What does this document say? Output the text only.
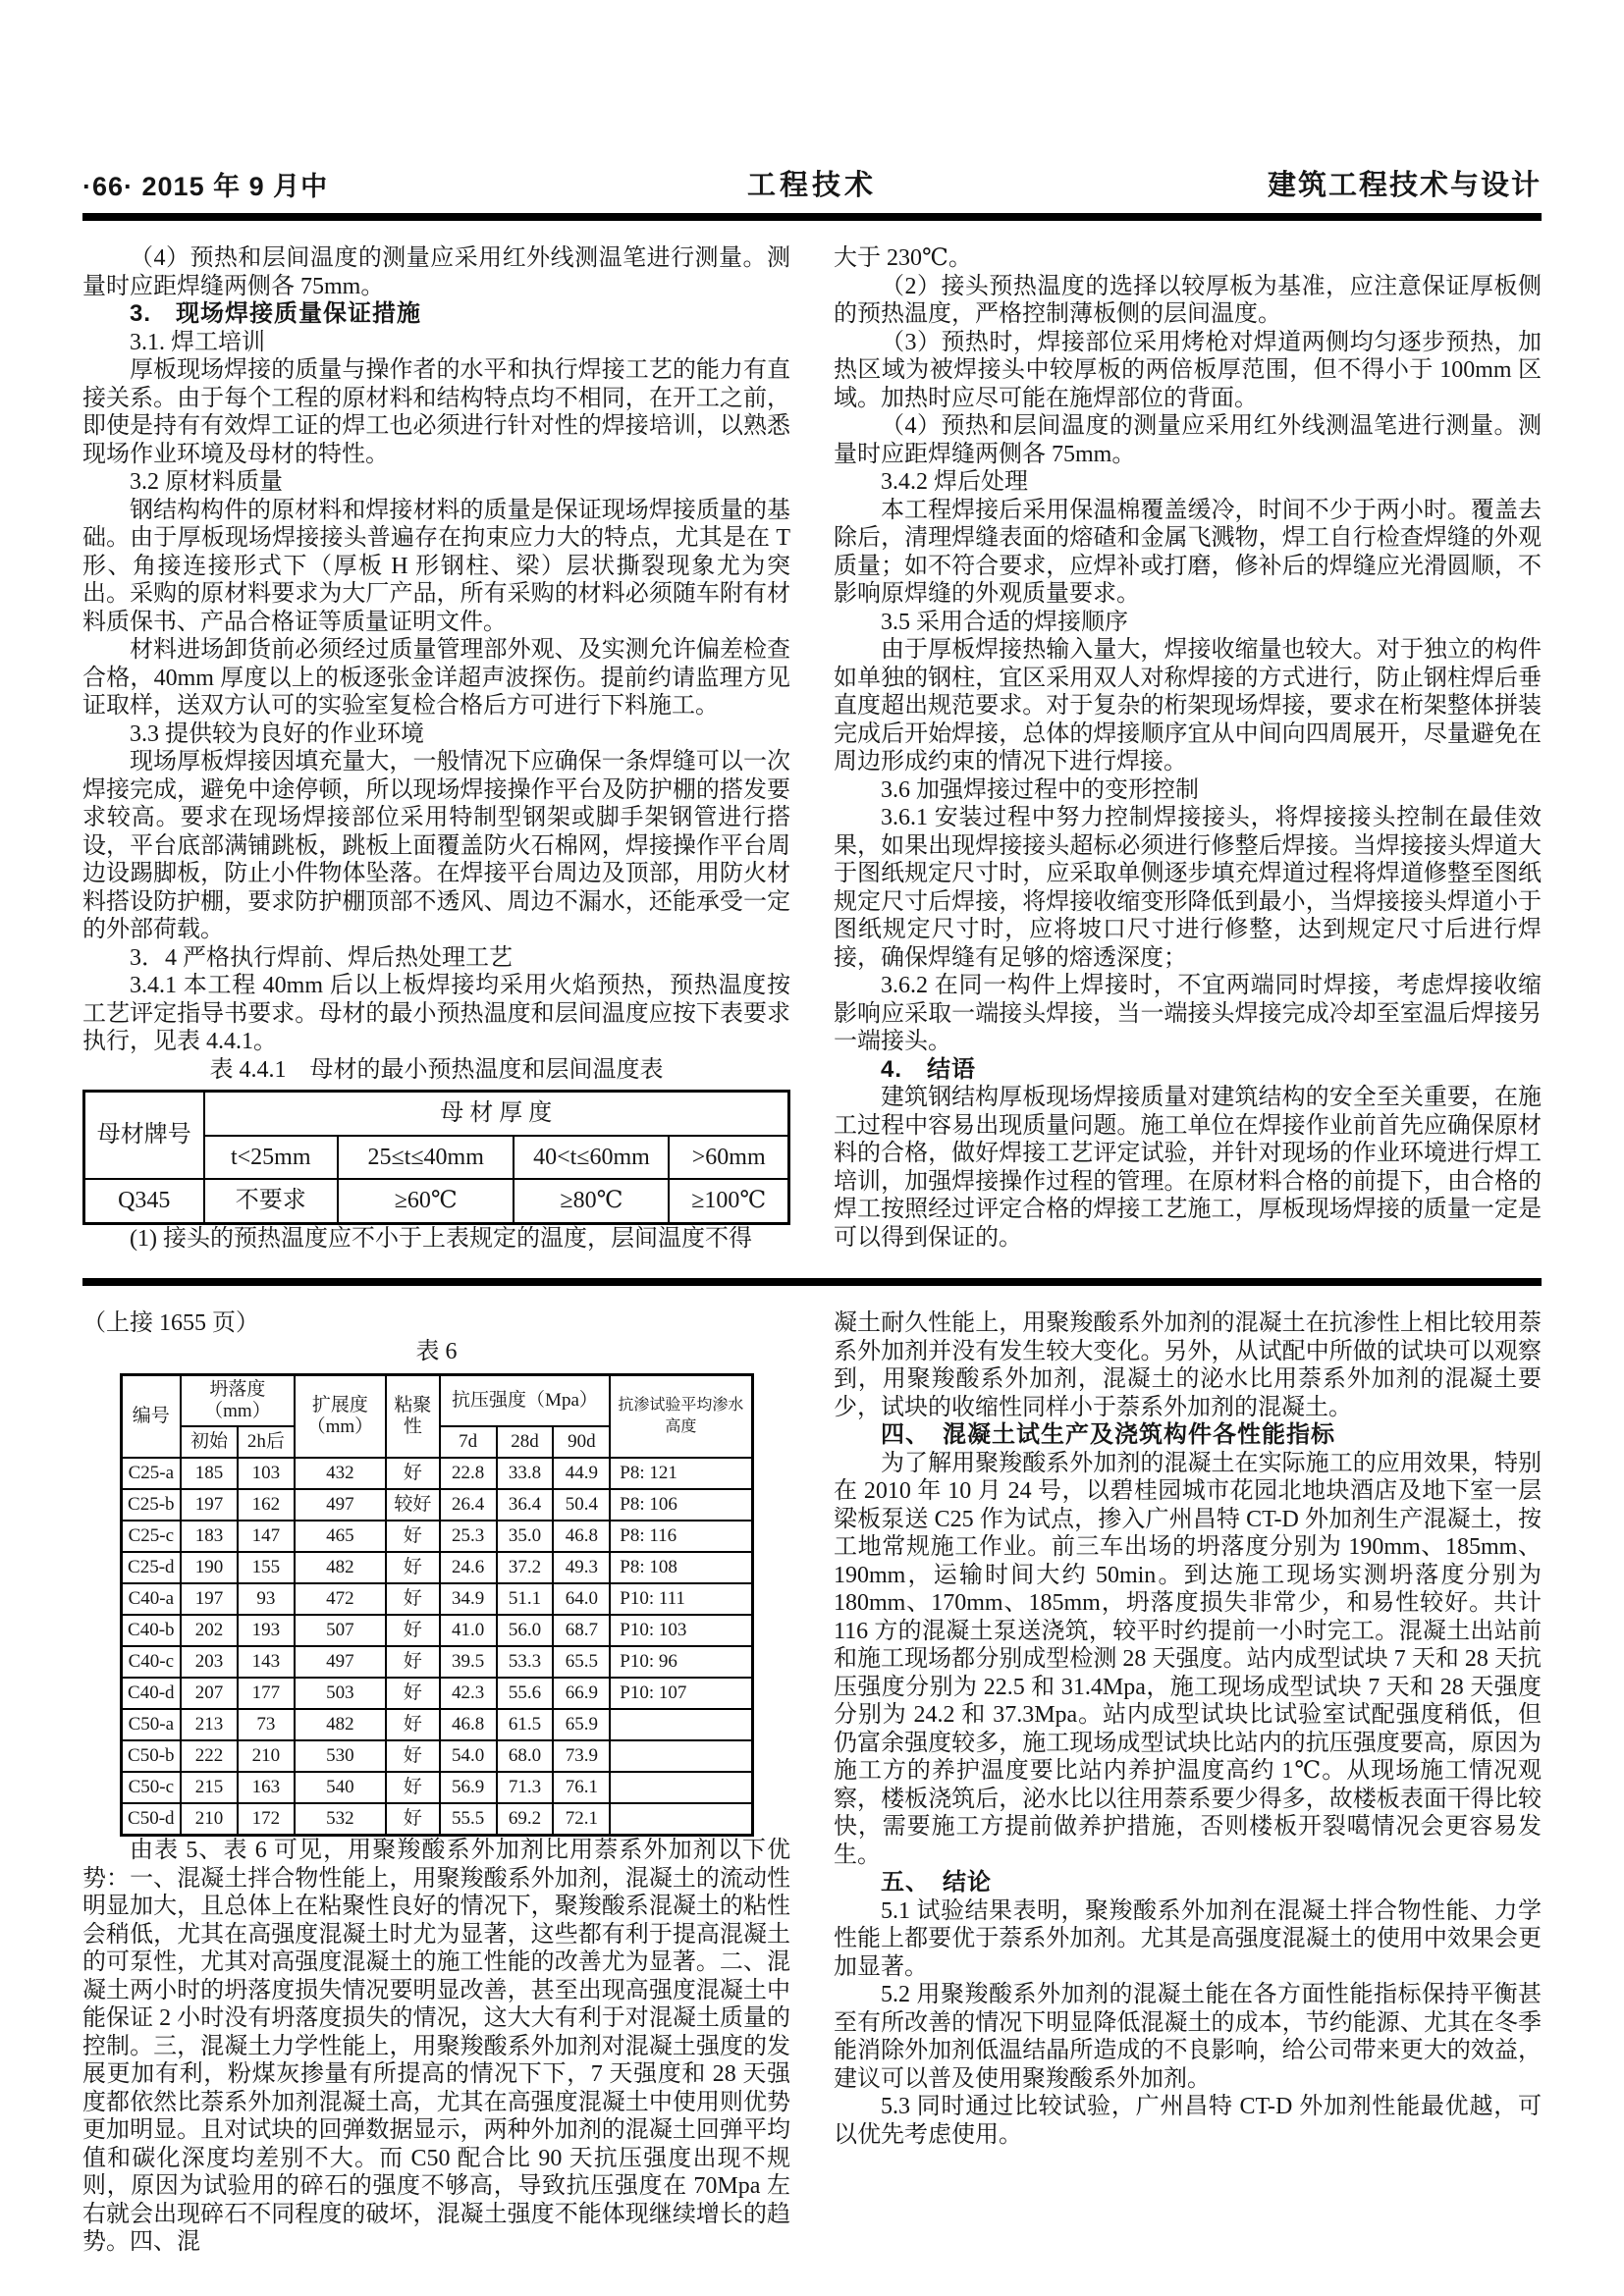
·66· 2015 年 9 月中	工程技术	建筑工程技术与设计

（4）预热和层间温度的测量应采用红外线测温笔进行测量。测量时应距焊缝两侧各 75mm。

3.　现场焊接质量保证措施

3.1. 焊工培训

厚板现场焊接的质量与操作者的水平和执行焊接工艺的能力有直接关系。由于每个工程的原材料和结构特点均不相同，在开工之前，即使是持有有效焊工证的焊工也必须进行针对性的焊接培训，以熟悉现场作业环境及母材的特性。

3.2 原材料质量

钢结构构件的原材料和焊接材料的质量是保证现场焊接质量的基础。由于厚板现场焊接接头普遍存在拘束应力大的特点，尤其是在 T 形、角接连接形式下（厚板 H 形钢柱、梁）层状撕裂现象尤为突出。采购的原材料要求为大厂产品，所有采购的材料必须随车附有材料质保书、产品合格证等质量证明文件。

材料进场卸货前必须经过质量管理部外观、及实测允许偏差检查合格，40mm 厚度以上的板逐张金详超声波探伤。提前约请监理方见证取样，送双方认可的实验室复检合格后方可进行下料施工。

3.3 提供较为良好的作业环境

现场厚板焊接因填充量大，一般情况下应确保一条焊缝可以一次焊接完成，避免中途停顿，所以现场焊接操作平台及防护棚的搭发要求较高。要求在现场焊接部位采用特制型钢架或脚手架钢管进行搭设，平台底部满铺跳板，跳板上面覆盖防火石棉网，焊接操作平台周边设踢脚板，防止小件物体坠落。在焊接平台周边及顶部，用防火材料搭设防护棚，要求防护棚顶部不透风、周边不漏水，还能承受一定的外部荷载。

3．4 严格执行焊前、焊后热处理工艺

3.4.1 本工程 40mm 后以上板焊接均采用火焰预热，预热温度按工艺评定指导书要求。母材的最小预热温度和层间温度应按下表要求执行，见表 4.4.1。

表 4.4.1　母材的最小预热温度和层间温度表

母材牌号	母 材 厚 度			
	t<25mm	25≤t≤40mm	40<t≤60mm	>60mm
Q345	不要求	≥60℃	≥80℃	≥100℃

(1) 接头的预热温度应不小于上表规定的温度，层间温度不得

大于 230℃。

（2）接头预热温度的选择以较厚板为基准，应注意保证厚板侧的预热温度，严格控制薄板侧的层间温度。

（3）预热时，焊接部位采用烤枪对焊道两侧均匀逐步预热，加热区域为被焊接头中较厚板的两倍板厚范围，但不得小于 100mm 区域。加热时应尽可能在施焊部位的背面。

（4）预热和层间温度的测量应采用红外线测温笔进行测量。测量时应距焊缝两侧各 75mm。

3.4.2 焊后处理

本工程焊接后采用保温棉覆盖缓冷，时间不少于两小时。覆盖去除后，清理焊缝表面的熔碴和金属飞溅物，焊工自行检查焊缝的外观质量；如不符合要求，应焊补或打磨，修补后的焊缝应光滑圆顺，不影响原焊缝的外观质量要求。

3.5 采用合适的焊接顺序

由于厚板焊接热输入量大，焊接收缩量也较大。对于独立的构件如单独的钢柱，宜区采用双人对称焊接的方式进行，防止钢柱焊后垂直度超出规范要求。对于复杂的桁架现场焊接，要求在桁架整体拼装完成后开始焊接，总体的焊接顺序宜从中间向四周展开，尽量避免在周边形成约束的情况下进行焊接。

3.6 加强焊接过程中的变形控制

3.6.1 安装过程中努力控制焊接接头，将焊接接头控制在最佳效果，如果出现焊接接头超标必须进行修整后焊接。当焊接接头焊道大于图纸规定尺寸时，应采取单侧逐步填充焊道过程将焊道修整至图纸规定尺寸后焊接，将焊接收缩变形降低到最小，当焊接接头焊道小于图纸规定尺寸时，应将坡口尺寸进行修整，达到规定尺寸后进行焊接，确保焊缝有足够的熔透深度；

3.6.2 在同一构件上焊接时，不宜两端同时焊接，考虑焊接收缩影响应采取一端接头焊接，当一端接头焊接完成冷却至室温后焊接另一端接头。

4.　结语

建筑钢结构厚板现场焊接质量对建筑结构的安全至关重要，在施工过程中容易出现质量问题。施工单位在焊接作业前首先应确保原材料的合格，做好焊接工艺评定试验，并针对现场的作业环境进行焊工培训，加强焊接操作过程的管理。在原材料合格的前提下，由合格的焊工按照经过评定合格的焊接工艺施工，厚板现场焊接的质量一定是可以得到保证的。

（上接 1655 页）

表 6

编号	坍落度（mm）		扩展度（mm）	粘聚性	抗压强度（Mpa）			抗渗试验平均渗水高度
	初始	2h后			7d	28d	90d	
C25-a	185	103	432	好	22.8	33.8	44.9	P8: 121
C25-b	197	162	497	较好	26.4	36.4	50.4	P8: 106
C25-c	183	147	465	好	25.3	35.0	46.8	P8: 116
C25-d	190	155	482	好	24.6	37.2	49.3	P8: 108
C40-a	197	93	472	好	34.9	51.1	64.0	P10: 111
C40-b	202	193	507	好	41.0	56.0	68.7	P10: 103
C40-c	203	143	497	好	39.5	53.3	65.5	P10: 96
C40-d	207	177	503	好	42.3	55.6	66.9	P10: 107
C50-a	213	73	482	好	46.8	61.5	65.9	
C50-b	222	210	530	好	54.0	68.0	73.9	
C50-c	215	163	540	好	56.9	71.3	76.1	
C50-d	210	172	532	好	55.5	69.2	72.1	

由表 5、表 6 可见，用聚羧酸系外加剂比用萘系外加剂以下优势：一、混凝土拌合物性能上，用聚羧酸系外加剂，混凝土的流动性明显加大，且总体上在粘聚性良好的情况下，聚羧酸系混凝土的粘性会稍低，尤其在高强度混凝土时尤为显著，这些都有利于提高混凝土的可泵性，尤其对高强度混凝土的施工性能的改善尤为显著。二、混凝土两小时的坍落度损失情况要明显改善，甚至出现高强度混凝土中能保证 2 小时没有坍落度损失的情况，这大大有利于对混凝土质量的控制。三，混凝土力学性能上，用聚羧酸系外加剂对混凝土强度的发展更加有利，粉煤灰掺量有所提高的情况下下，7 天强度和 28 天强度都依然比萘系外加剂混凝土高，尤其在高强度混凝土中使用则优势更加明显。且对试块的回弹数据显示，两种外加剂的混凝土回弹平均值和碳化深度均差别不大。而 C50 配合比 90 天抗压强度出现不规则，原因为试验用的碎石的强度不够高，导致抗压强度在 70Mpa 左右就会出现碎石不同程度的破坏，混凝土强度不能体现继续增长的趋势。四、混

凝土耐久性能上，用聚羧酸系外加剂的混凝土在抗渗性上相比较用萘系外加剂并没有发生较大变化。另外，从试配中所做的试块可以观察到，用聚羧酸系外加剂，混凝土的泌水比用萘系外加剂的混凝土要少，试块的收缩性同样小于萘系外加剂的混凝土。

四、　混凝土试生产及浇筑构件各性能指标

为了解用聚羧酸系外加剂的混凝土在实际施工的应用效果，特别在 2010 年 10 月 24 号，以碧桂园城市花园北地块酒店及地下室一层梁板泵送 C25 作为试点，掺入广州昌特 CT-D 外加剂生产混凝土，按工地常规施工作业。前三车出场的坍落度分别为 190mm、185mm、190mm，运输时间大约 50min。到达施工现场实测坍落度分别为 180mm、170mm、185mm，坍落度损失非常少，和易性较好。共计 116 方的混凝土泵送浇筑，较平时约提前一小时完工。混凝土出站前和施工现场都分别成型检测 28 天强度。站内成型试块 7 天和 28 天抗压强度分别为 22.5 和 31.4Mpa，施工现场成型试块 7 天和 28 天强度分别为 24.2 和 37.3Mpa。站内成型试块比试验室试配强度稍低，但仍富余强度较多，施工现场成型试块比站内的抗压强度要高，原因为施工方的养护温度要比站内养护温度高约 1℃。从现场施工情况观察，楼板浇筑后，泌水比以往用萘系要少得多，故楼板表面干得比较快，需要施工方提前做养护措施，否则楼板开裂噶情况会更容易发生。

五、　结论

5.1 试验结果表明，聚羧酸系外加剂在混凝土拌合物性能、力学性能上都要优于萘系外加剂。尤其是高强度混凝土的使用中效果会更加显著。

5.2 用聚羧酸系外加剂的混凝土能在各方面性能指标保持平衡甚至有所改善的情况下明显降低混凝土的成本，节约能源、尤其在冬季能消除外加剂低温结晶所造成的不良影响，给公司带来更大的效益，建议可以普及使用聚羧酸系外加剂。

5.3 同时通过比较试验，广州昌特 CT-D 外加剂性能最优越，可以优先考虑使用。
